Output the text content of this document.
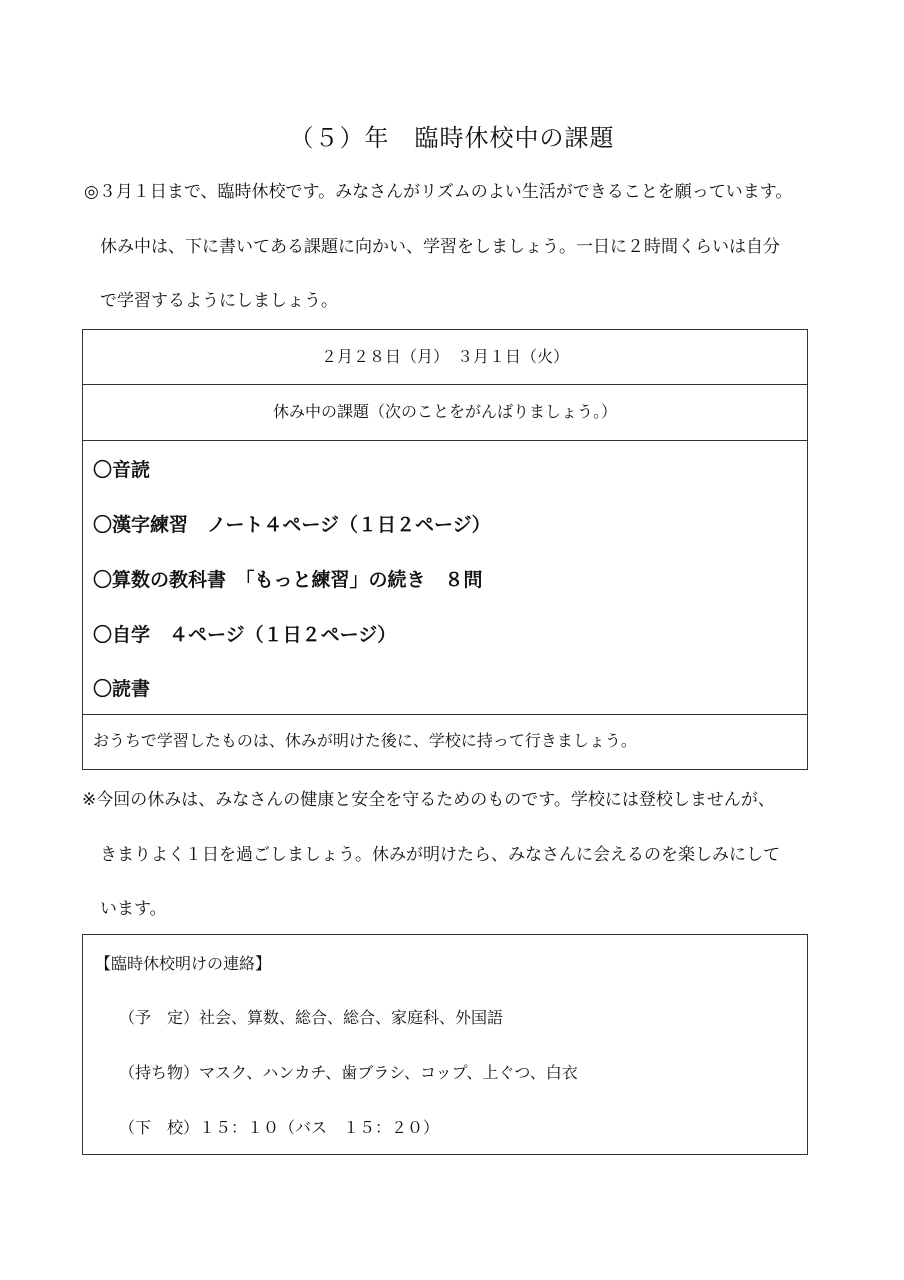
（５）年　臨時休校中の課題
◎３月１日まで、臨時休校です。みなさんがリズムのよい生活ができることを願っています。
休み中は、下に書いてある課題に向かい、学習をしましょう。一日に２時間くらいは自分
で学習するようにしましょう。
２月２８日（月）　３月１日（火）
休み中の課題（次のことをがんばりましょう。）
〇音読
〇漢字練習　ノート４ページ（１日２ページ）
〇算数の教科書　「もっと練習」の続き　８問
〇自学　４ページ（１日２ページ）
〇読書
おうちで学習したものは、休みが明けた後に、学校に持って行きましょう。
※今回の休みは、みなさんの健康と安全を守るためのものです。学校には登校しませんが、
きまりよく１日を過ごしましょう。休みが明けたら、みなさんに会えるのを楽しみにして
います。
【臨時休校明けの連絡】
（予　定）社会、算数、総合、総合、家庭科、外国語
（持ち物）マスク、ハンカチ、歯ブラシ、コップ、上ぐつ、白衣
（下　校）１５：１０（バス　１５：２０）
